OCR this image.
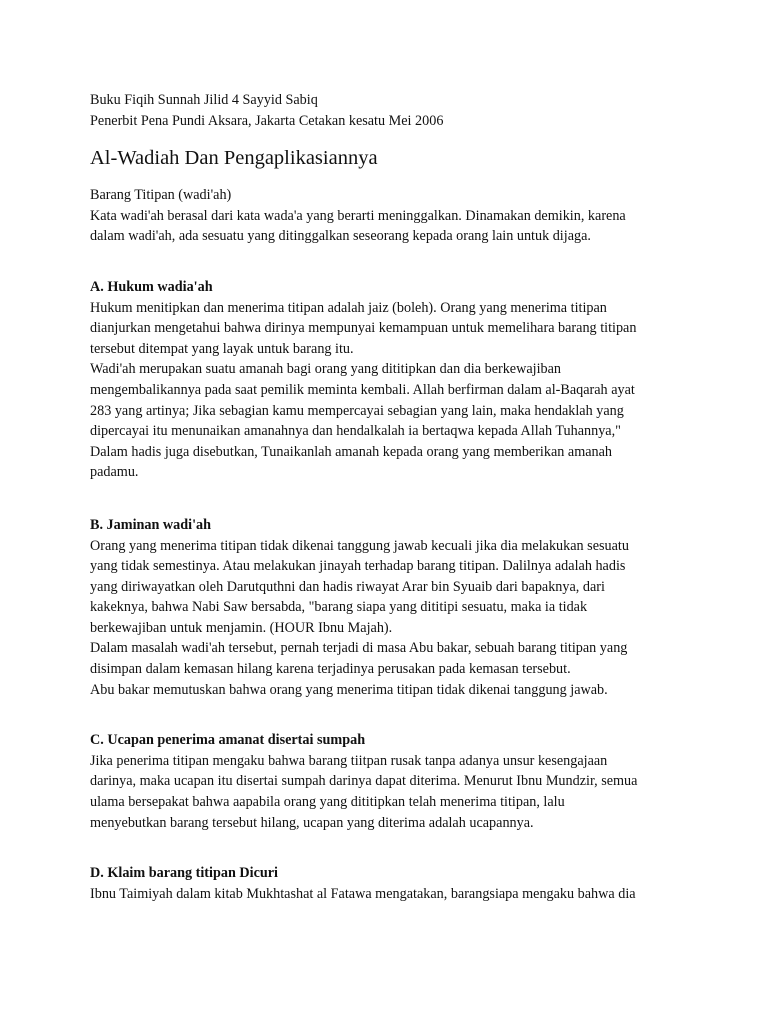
Buku Fiqih Sunnah Jilid 4 Sayyid Sabiq
Penerbit Pena Pundi Aksara, Jakarta Cetakan kesatu Mei 2006
Al-Wadiah Dan Pengaplikasiannya
Barang Titipan (wadi'ah)
Kata wadi'ah berasal dari kata wada'a yang berarti meninggalkan. Dinamakan demikin, karena
dalam wadi'ah, ada sesuatu yang ditinggalkan seseorang kepada orang lain untuk dijaga.
A. Hukum wadia'ah
Hukum menitipkan dan menerima titipan adalah jaiz (boleh). Orang yang menerima titipan
dianjurkan mengetahui bahwa dirinya mempunyai kemampuan untuk memelihara barang titipan
tersebut ditempat yang layak untuk barang itu.
Wadi'ah merupakan suatu amanah bagi orang yang dititipkan dan dia berkewajiban
mengembalikannya pada saat pemilik meminta kembali. Allah berfirman dalam al-Baqarah ayat
283 yang artinya; Jika sebagian kamu mempercayai sebagian yang lain, maka hendaklah yang
dipercayai itu menunaikan amanahnya dan hendalkalah ia bertaqwa kepada Allah Tuhannya,"
Dalam hadis juga disebutkan, Tunaikanlah amanah kepada orang yang memberikan amanah
padamu.
B. Jaminan wadi'ah
Orang yang menerima titipan tidak dikenai tanggung jawab kecuali jika dia melakukan sesuatu
yang tidak semestinya. Atau melakukan jinayah terhadap barang titipan. Dalilnya adalah hadis
yang diriwayatkan oleh Darutquthni dan hadis riwayat Arar bin Syuaib dari bapaknya, dari
kakeknya, bahwa Nabi Saw bersabda, "barang siapa yang dititipi sesuatu, maka ia tidak
berkewajiban untuk menjamin. (HOUR Ibnu Majah).
Dalam masalah wadi'ah tersebut, pernah terjadi di masa Abu bakar, sebuah barang titipan yang
disimpan dalam kemasan hilang karena terjadinya perusakan pada kemasan tersebut.
Abu bakar memutuskan bahwa orang yang menerima titipan tidak dikenai tanggung jawab.
C. Ucapan penerima amanat disertai sumpah
Jika penerima titipan mengaku bahwa barang tiitpan rusak tanpa adanya unsur kesengajaan
darinya, maka ucapan itu disertai sumpah darinya dapat diterima. Menurut Ibnu Mundzir, semua
ulama bersepakat bahwa aapabila orang yang dititipkan telah menerima titipan, lalu
menyebutkan barang tersebut hilang, ucapan yang diterima adalah ucapannya.
D. Klaim barang titipan Dicuri
Ibnu Taimiyah dalam kitab Mukhtashat al Fatawa mengatakan, barangsiapa mengaku bahwa dia
